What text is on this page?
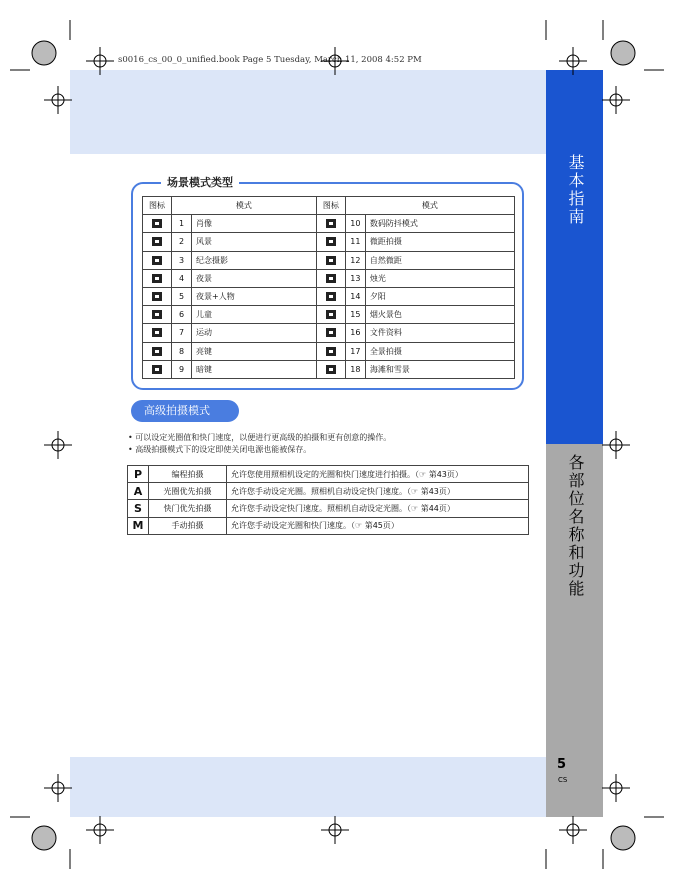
s0016_cs_00_0_unified.book Page 5 Tuesday, March 11, 2008 4:52 PM
基本指南
各部位名称和功能
5
CS
场景模式类型
图标	模式		图标	模式	
	1	肖像		10	数码防抖模式
	2	风景		11	微距拍摄
	3	纪念摄影		12	自然微距
	4	夜景		13	烛光
	5	夜景+人物		14	夕阳
	6	儿童		15	烟火景色
	7	运动		16	文件资料
	8	亮键		17	全景拍摄
	9	暗键		18	海滩和雪景
高级拍摄模式
• 可以设定光圈值和快门速度，以便进行更高级的拍摄和更有创意的操作。
• 高级拍摄模式下的设定即使关闭电源也能被保存。
P	编程拍摄	允许您使用照相机设定的光圈和快门速度进行拍摄。（☞ 第43页）
A	光圈优先拍摄	允许您手动设定光圈。照相机自动设定快门速度。（☞ 第43页）
S	快门优先拍摄	允许您手动设定快门速度。照相机自动设定光圈。（☞ 第44页）
M	手动拍摄	允许您手动设定光圈和快门速度。（☞ 第45页）
